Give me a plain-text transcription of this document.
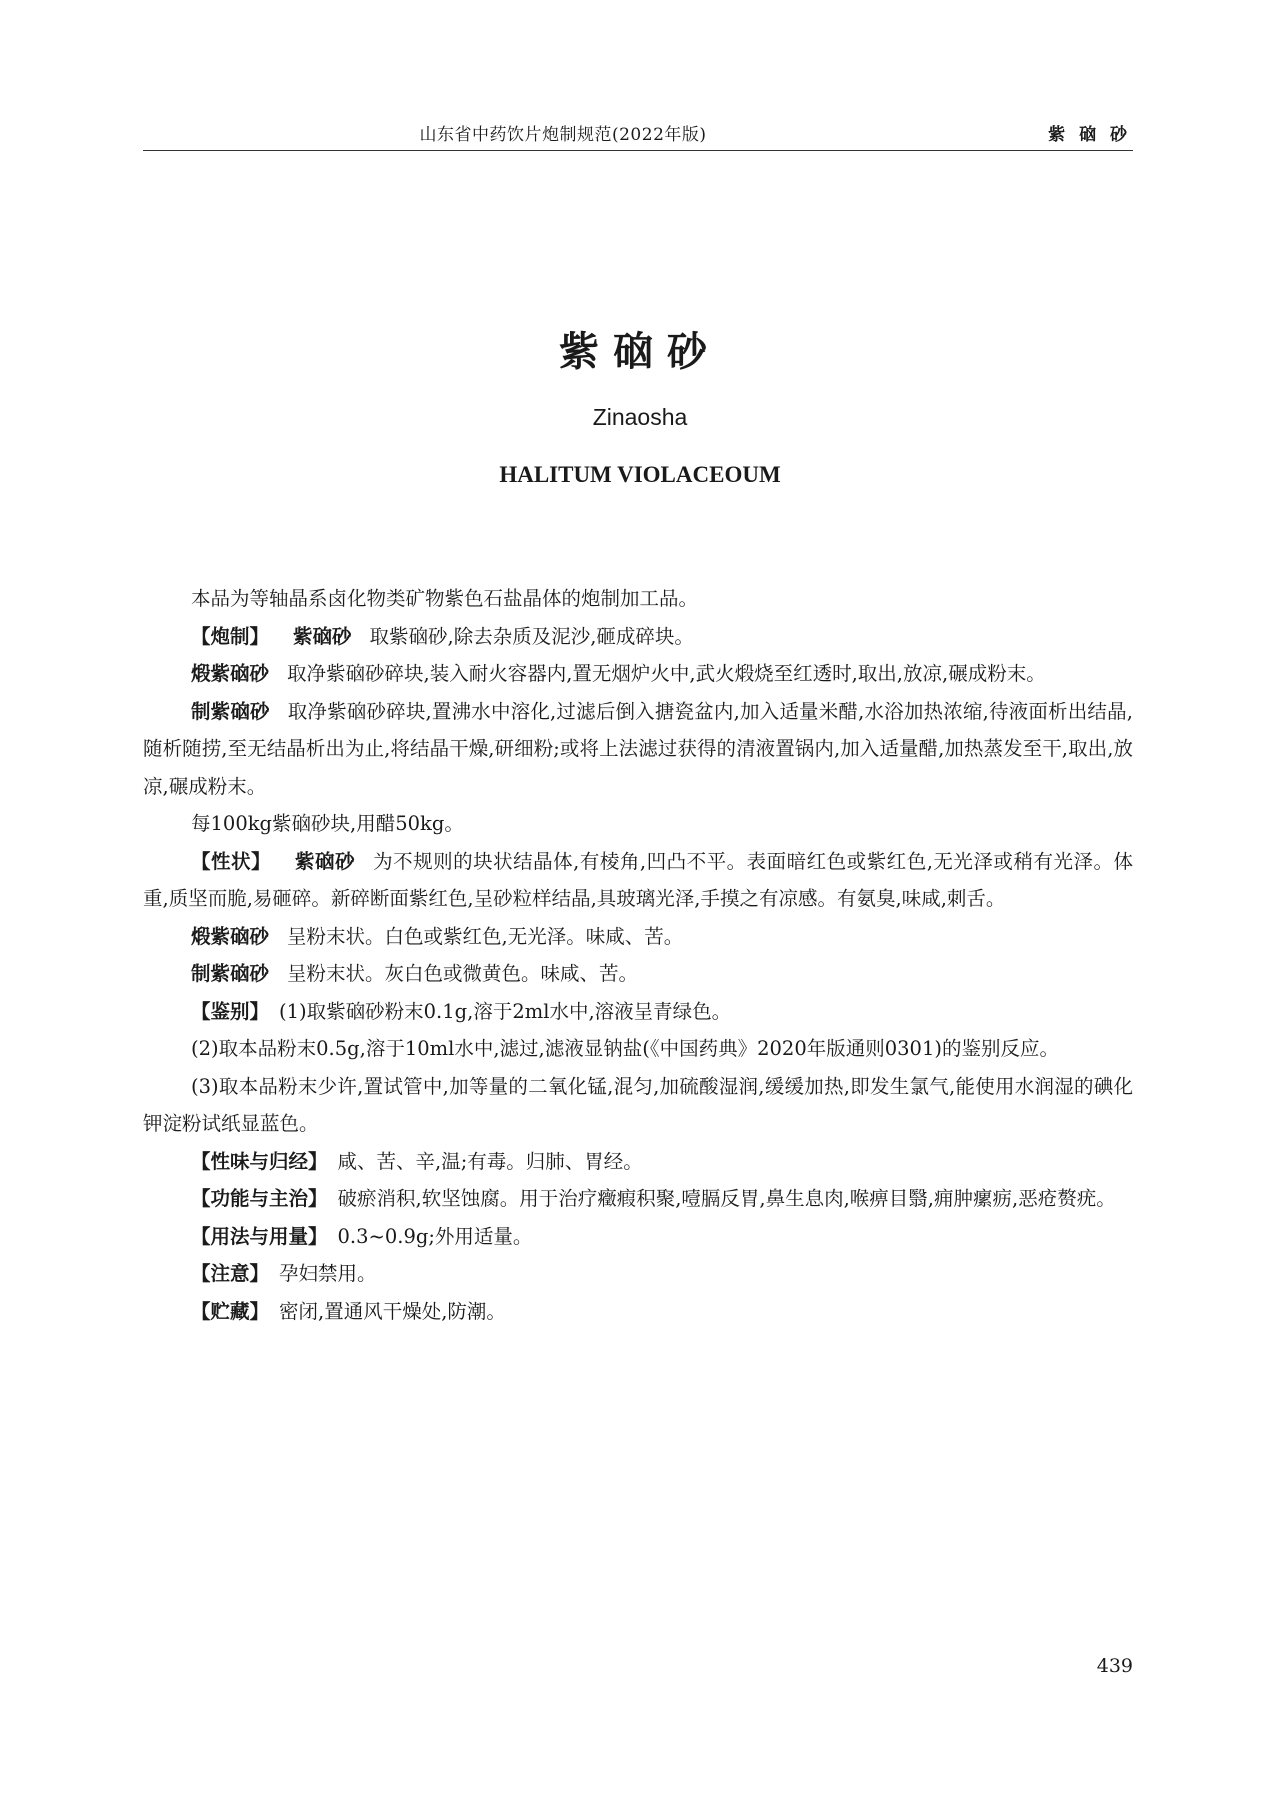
山东省中药饮片炮制规范(2022年版)	紫 硇 砂
紫硇砂
Zinaosha
HALITUM VIOLACEOUM

本品为等轴晶系卤化物类矿物紫色石盐晶体的炮制加工品。

【炮制】 紫硇砂 取紫硇砂,除去杂质及泥沙,砸成碎块。

煅紫硇砂 取净紫硇砂碎块,装入耐火容器内,置无烟炉火中,武火煅烧至红透时,取出,放凉,碾成粉末。

制紫硇砂 取净紫硇砂碎块,置沸水中溶化,过滤后倒入搪瓷盆内,加入适量米醋,水浴加热浓缩,待液面析出结晶,随析随捞,至无结晶析出为止,将结晶干燥,研细粉;或将上法滤过获得的清液置锅内,加入适量醋,加热蒸发至干,取出,放凉,碾成粉末。

每100kg紫硇砂块,用醋50kg。

【性状】 紫硇砂 为不规则的块状结晶体,有棱角,凹凸不平。表面暗红色或紫红色,无光泽或稍有光泽。体重,质坚而脆,易砸碎。新碎断面紫红色,呈砂粒样结晶,具玻璃光泽,手摸之有凉感。有氨臭,味咸,刺舌。

煅紫硇砂 呈粉末状。白色或紫红色,无光泽。味咸、苦。

制紫硇砂 呈粉末状。灰白色或微黄色。味咸、苦。

【鉴别】 (1)取紫硇砂粉末0.1g,溶于2ml水中,溶液呈青绿色。

(2)取本品粉末0.5g,溶于10ml水中,滤过,滤液显钠盐(《中国药典》2020年版通则0301)的鉴别反应。

(3)取本品粉末少许,置试管中,加等量的二氧化锰,混匀,加硫酸湿润,缓缓加热,即发生氯气,能使用水润湿的碘化钾淀粉试纸显蓝色。

【性味与归经】 咸、苦、辛,温;有毒。归肺、胃经。

【功能与主治】 破瘀消积,软坚蚀腐。用于治疗癥瘕积聚,噎膈反胃,鼻生息肉,喉痹目翳,痈肿瘰疬,恶疮赘疣。

【用法与用量】 0.3~0.9g;外用适量。

【注意】 孕妇禁用。

【贮藏】 密闭,置通风干燥处,防潮。

439
